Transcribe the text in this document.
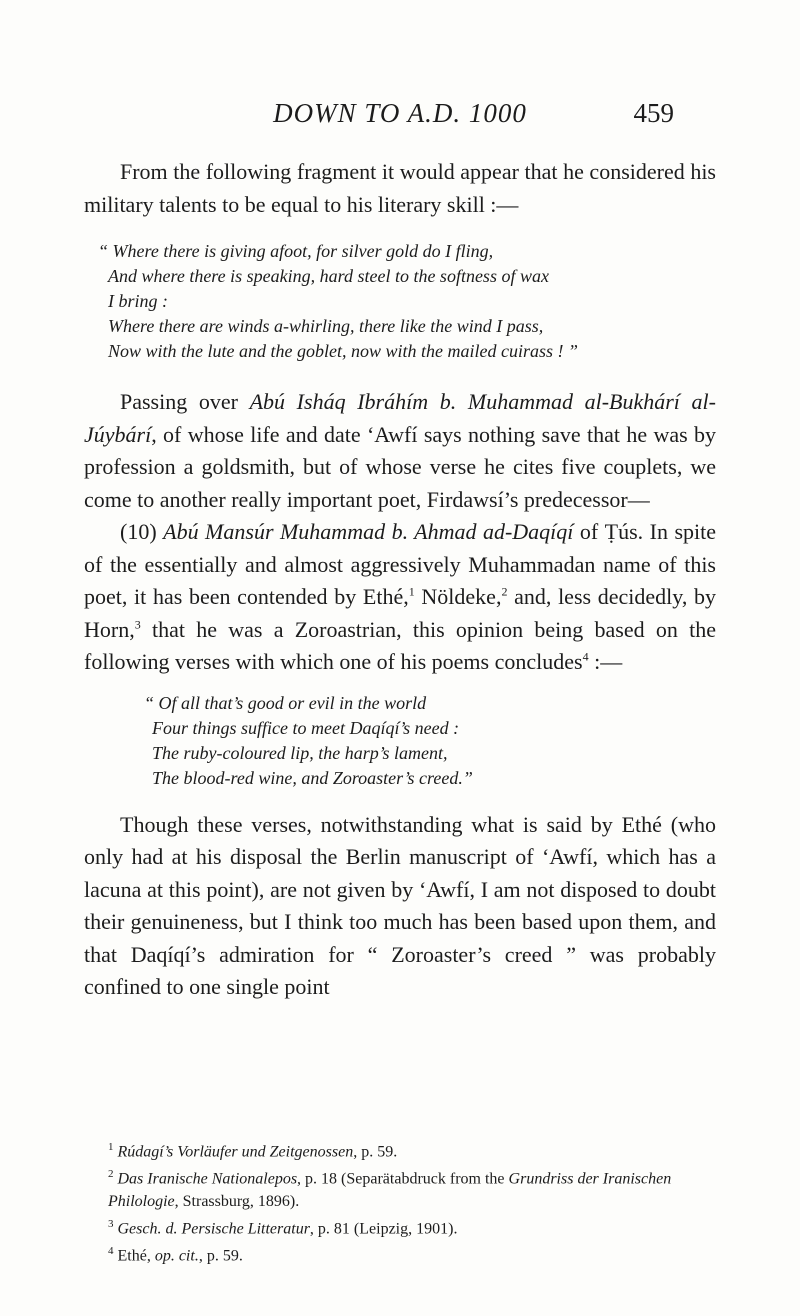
DOWN TO A.D. 1000	459

From the following fragment it would appear that he considered his military talents to be equal to his literary skill :—

“ Where there is giving afoot, for silver gold do I fling,
And where there is speaking, hard steel to the softness of wax
I bring :
Where there are winds a-whirling, there like the wind I pass,
Now with the lute and the goblet, now with the mailed cuirass ! ”

Passing over Abú Isháq Ibráhím b. Muhammad al-Bukhárí al-Júybárí, of whose life and date ‘Awfí says nothing save that he was by profession a goldsmith, but of whose verse he cites five couplets, we come to another really important poet, Firdawsí’s predecessor—

(10) Abú Mansúr Muhammad b. Ahmad ad-Daqíqí of Ṭús. In spite of the essentially and almost aggressively Muhammadan name of this poet, it has been contended by Ethé,$^1$ Nöldeke,$^2$ and, less decidedly, by Horn,$^3$ that he was a Zoroastrian, this opinion being based on the following verses with which one of his poems concludes$^4$ :—

“ Of all that’s good or evil in the world
Four things suffice to meet Daqíqí’s need :
The ruby-coloured lip, the harp’s lament,
The blood-red wine, and Zoroaster’s creed.”

Though these verses, notwithstanding what is said by Ethé (who only had at his disposal the Berlin manuscript of ‘Awfí, which has a lacuna at this point), are not given by ‘Awfí, I am not disposed to doubt their genuineness, but I think too much has been based upon them, and that Daqíqí’s admiration for “ Zoroaster’s creed ” was probably confined to one single point

$^1$ Rúdagí’s Vorläufer und Zeitgenossen, p. 59.
$^2$ Das Iranische Nationalepos, p. 18 (Separätabdruck from the Grundriss der Iranischen Philologie, Strassburg, 1896).
$^3$ Gesch. d. Persische Litteratur, p. 81 (Leipzig, 1901).
$^4$ Ethé, op. cit., p. 59.
